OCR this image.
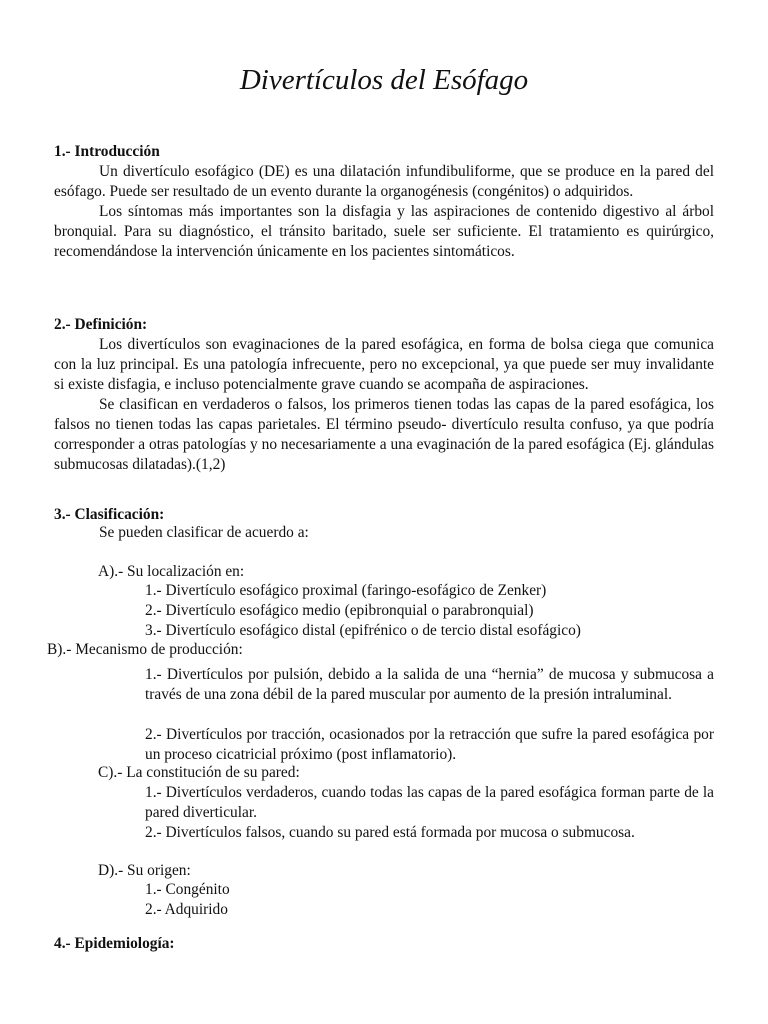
Divertículos del Esófago

1.- Introducción

Un divertículo esofágico (DE) es una dilatación infundibuliforme, que se produce en la pared del esófago. Puede ser resultado de un evento durante la organogénesis (congénitos) o adquiridos.

Los síntomas más importantes son la disfagia y las aspiraciones de contenido digestivo al árbol bronquial. Para su diagnóstico, el tránsito baritado, suele ser suficiente. El tratamiento es quirúrgico, recomendándose la intervención únicamente en los pacientes sintomáticos.

2.- Definición:

Los divertículos son evaginaciones de la pared esofágica, en forma de bolsa ciega que comunica con la luz principal. Es una patología infrecuente, pero no excepcional, ya que puede ser muy invalidante si existe disfagia, e incluso potencialmente grave cuando se acompaña de aspiraciones.

Se clasifican en verdaderos o falsos, los primeros tienen todas las capas de la pared esofágica, los falsos no tienen todas las capas parietales. El término pseudo- divertículo resulta confuso, ya que podría corresponder a otras patologías y no necesariamente a una evaginación de la pared esofágica (Ej. glándulas submucosas dilatadas).(1,2)

3.- Clasificación:

Se pueden clasificar de acuerdo a:
A).- Su localización en:
1.- Divertículo esofágico proximal (faringo-esofágico de Zenker)
2.- Divertículo esofágico medio (epibronquial o parabronquial)
3.- Divertículo esofágico distal (epifrénico o de tercio distal esofágico)
B).- Mecanismo de producción:
1.- Divertículos por pulsión, debido a la salida de una “hernia” de mucosa y submucosa a través de una zona débil de la pared muscular por aumento de la presión intraluminal.
2.- Divertículos por tracción, ocasionados por la retracción que sufre la pared esofágica por un proceso cicatricial próximo (post inflamatorio).
C).- La constitución de su pared:
1.- Divertículos verdaderos, cuando todas las capas de la pared esofágica forman parte de la pared diverticular.
2.- Divertículos falsos, cuando su pared está formada por mucosa o submucosa.
D).- Su origen:
1.- Congénito
2.- Adquirido

4.- Epidemiología:
